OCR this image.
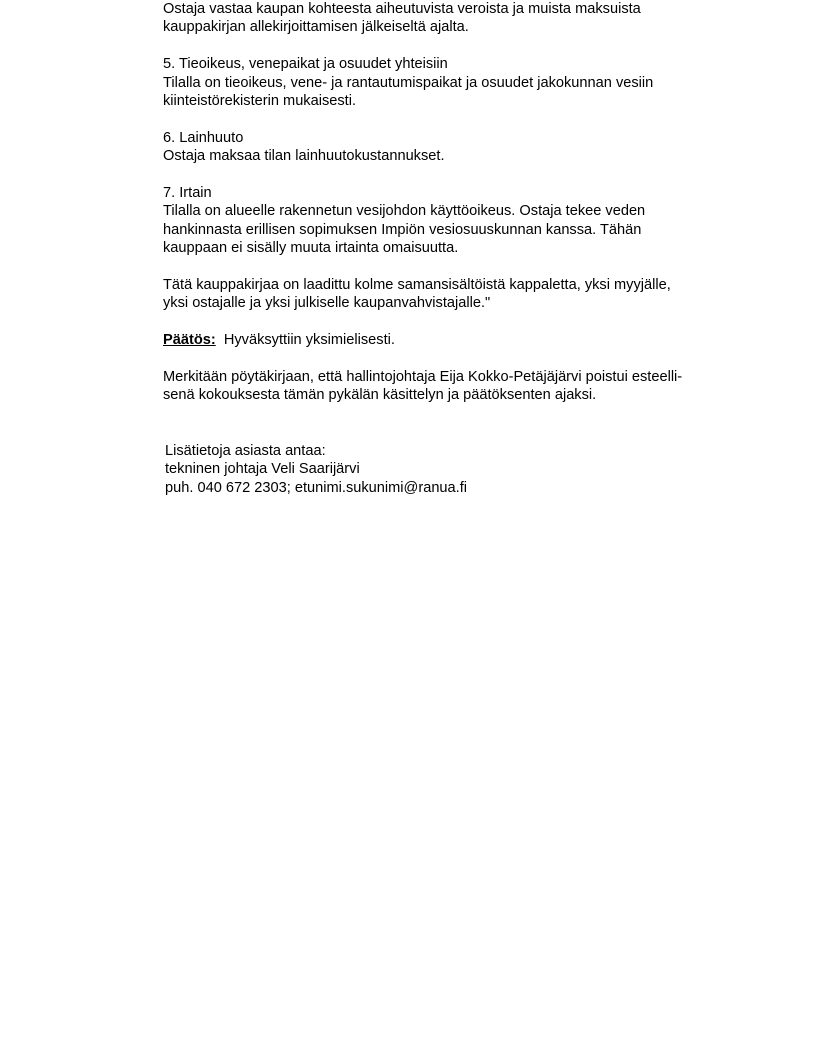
Ostaja vastaa kaupan kohteesta aiheutuvista veroista ja muista maksuista
kauppakirjan allekirjoittamisen jälkeiseltä ajalta.
5. Tieoikeus, venepaikat ja osuudet yhteisiin
Tilalla on tieoikeus, vene- ja rantautumispaikat ja osuudet jakokunnan vesiin
kiinteistörekisterin mukaisesti.
6. Lainhuuto
Ostaja maksaa tilan lainhuutokustannukset.
7. Irtain
Tilalla on alueelle rakennetun vesijohdon käyttöoikeus. Ostaja tekee veden
hankinnasta erillisen sopimuksen Impiön vesiosuuskunnan kanssa. Tähän
kauppaan ei sisälly muuta irtainta omaisuutta.
Tätä kauppakirjaa on laadittu kolme samansisältöistä kappaletta, yksi myyjälle,
yksi ostajalle ja yksi julkiselle kaupanvahvistajalle."
Päätös: Hyväksyttiin yksimielisesti.
Merkitään pöytäkirjaan, että hallintojohtaja Eija Kokko-Petäjäjärvi poistui esteelli-
senä kokouksesta tämän pykälän käsittelyn ja päätöksenten ajaksi.
Lisätietoja asiasta antaa:
tekninen johtaja Veli Saarijärvi
puh. 040 672 2303; etunimi.sukunimi@ranua.fi
